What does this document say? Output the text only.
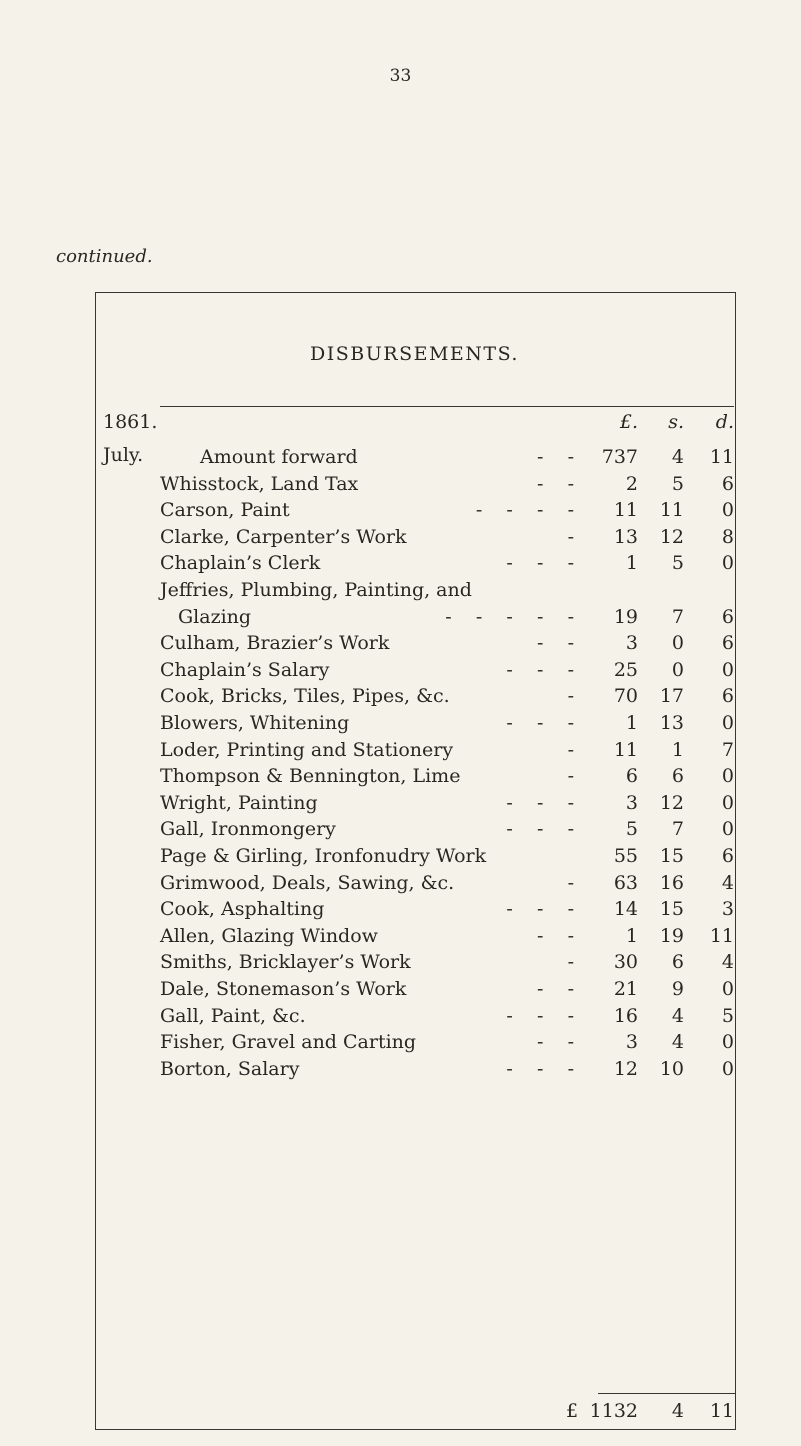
33
continued.
DISBURSEMENTS.
1861.
July.
£.	s.	d.
Amount forward	-    -	737	4	11
Whisstock, Land Tax	-    -	2	5	6
Carson, Paint	-    -    -    -	11	11	0
Clarke, Carpenter’s Work	-	13	12	8
Chaplain’s Clerk	-    -    -	1	5	0
Jeffries, Plumbing, Painting, and
Glazing	-    -    -    -    -	19	7	6
Culham, Brazier’s Work	-    -	3	0	6
Chaplain’s Salary	-    -    -	25	0	0
Cook, Bricks, Tiles, Pipes, &c.	-	70	17	6
Blowers, Whitening	-    -    -	1	13	0
Loder, Printing and Stationery	-	11	1	7
Thompson & Bennington, Lime	-	6	6	0
Wright, Painting	-    -    -	3	12	0
Gall, Ironmongery	-    -    -	5	7	0
Page & Girling, Ironfonudry Work	55	15	6
Grimwood, Deals, Sawing, &c.	-	63	16	4
Cook, Asphalting	-    -    -	14	15	3
Allen, Glazing Window	-    -	1	19	11
Smiths, Bricklayer’s Work	-	30	6	4
Dale, Stonemason’s Work	-    -	21	9	0
Gall, Paint, &c.	-    -    -	16	4	5
Fisher, Gravel and Carting	-    -	3	4	0
Borton, Salary	-    -    -	12	10	0
£ 1132	4	11
